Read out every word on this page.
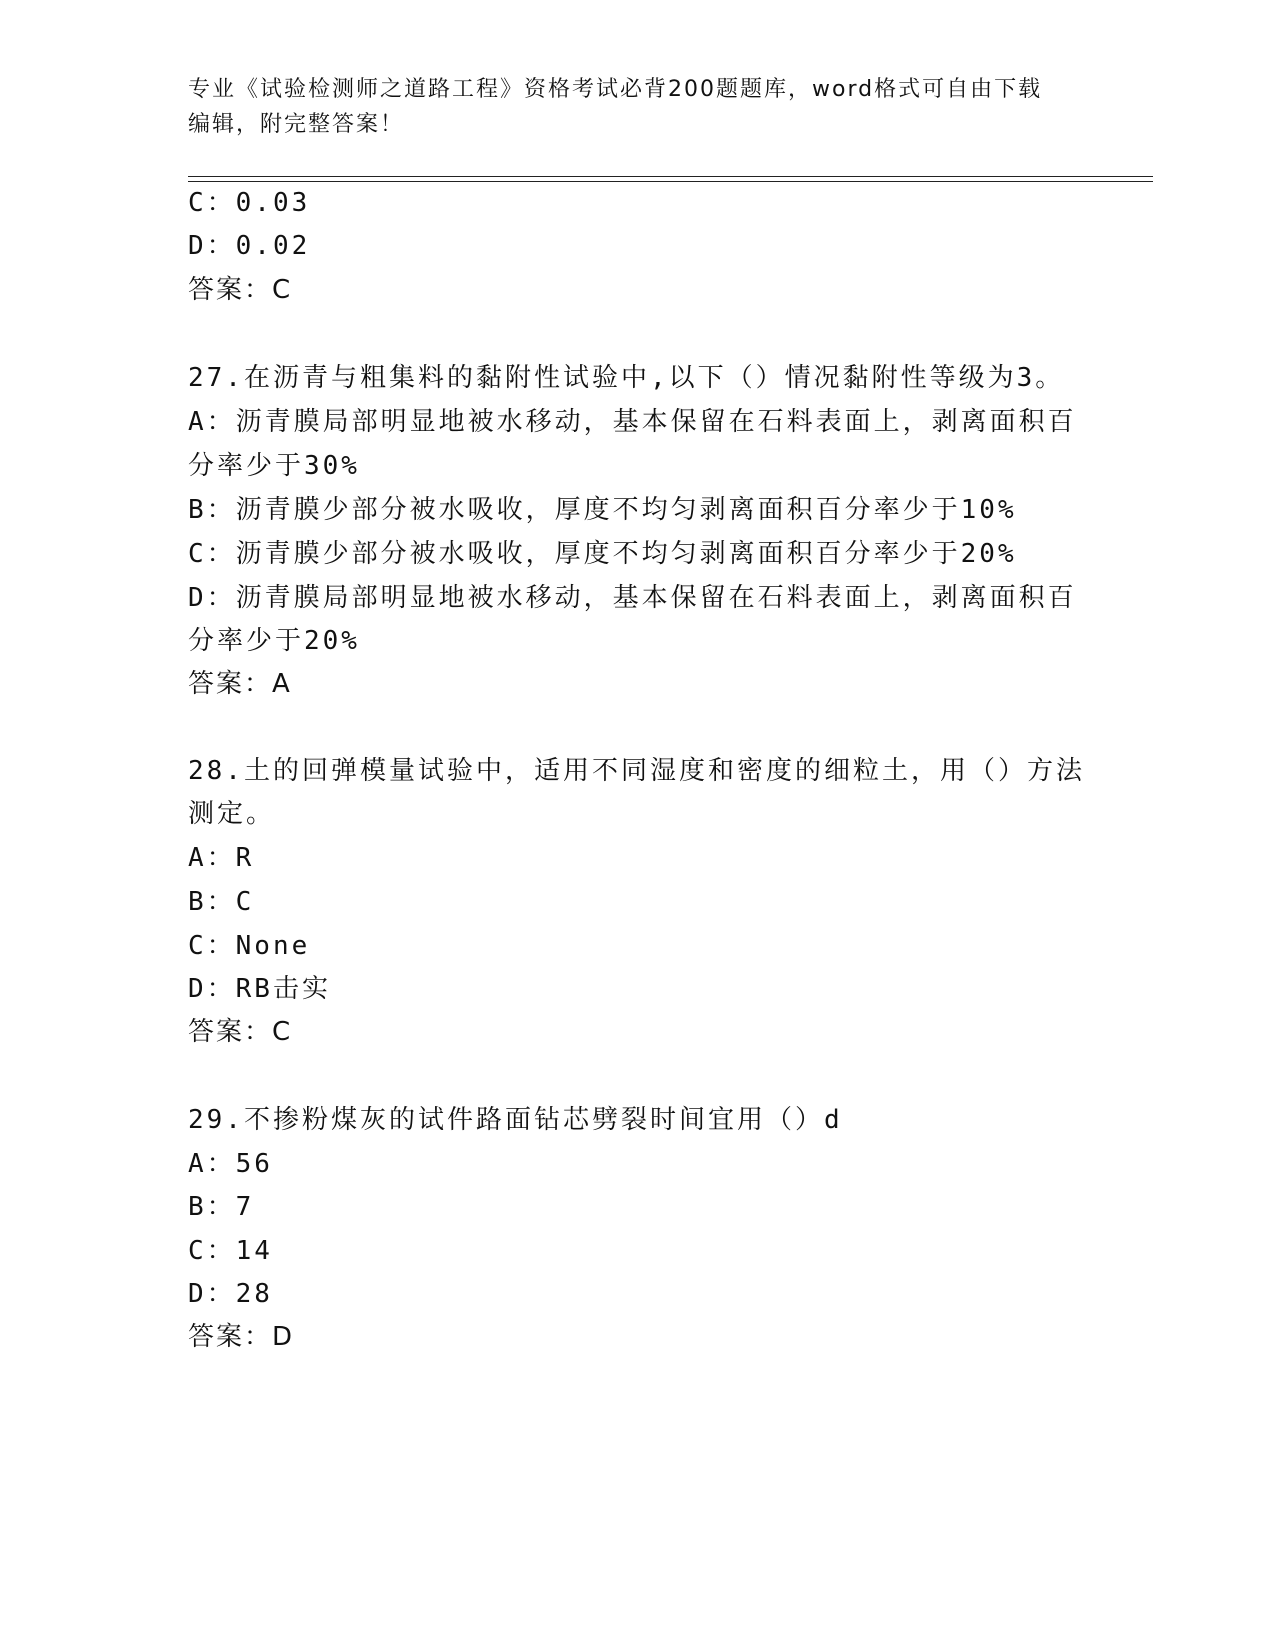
专业《试验检测师之道路工程》资格考试必背200题题库，word格式可自由下载
编辑，附完整答案！
C：0.03
D：0.02
答案：C
27.在沥青与粗集料的黏附性试验中,以下（）情况黏附性等级为3。
A：沥青膜局部明显地被水移动，基本保留在石料表面上，剥离面积百
分率少于30%
B：沥青膜少部分被水吸收，厚度不均匀剥离面积百分率少于10%
C：沥青膜少部分被水吸收，厚度不均匀剥离面积百分率少于20%
D：沥青膜局部明显地被水移动，基本保留在石料表面上，剥离面积百
分率少于20%
答案：A
28.土的回弹模量试验中，适用不同湿度和密度的细粒土，用（）方法
测定。
A：R
B：C
C：None
D：RB击实
答案：C
29.不掺粉煤灰的试件路面钻芯劈裂时间宜用（）d
A：56
B：7
C：14
D：28
答案：D
